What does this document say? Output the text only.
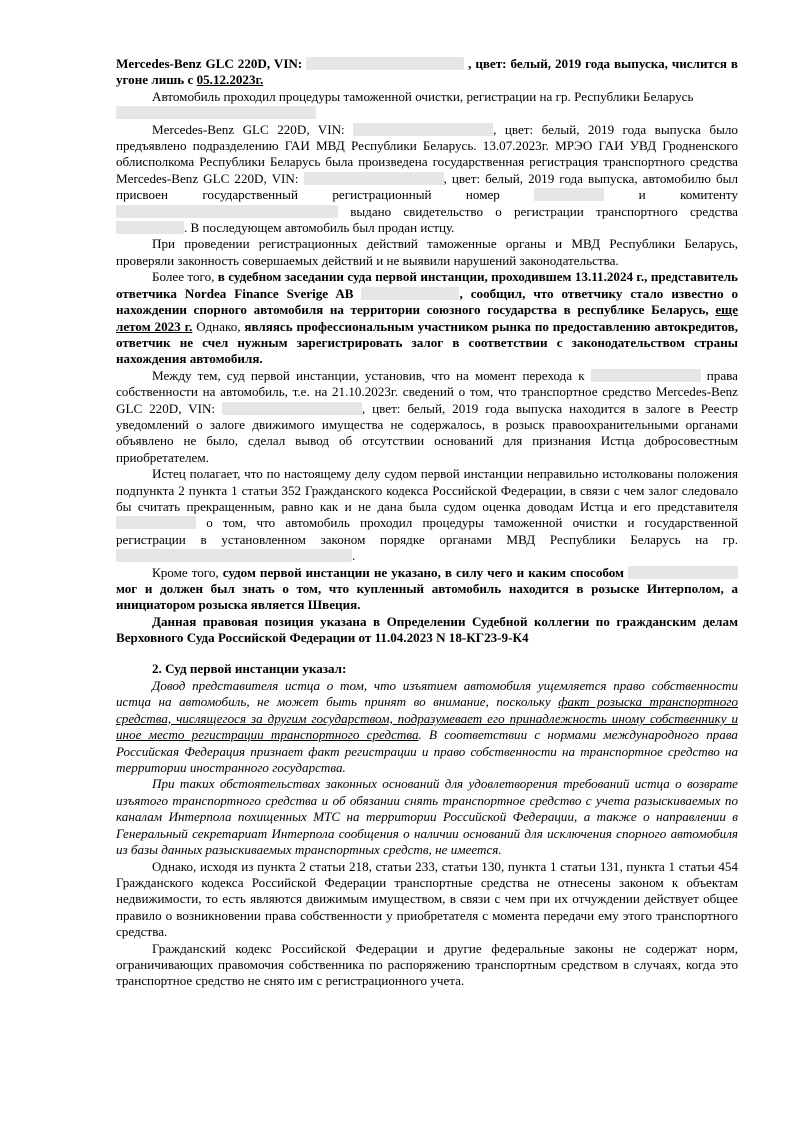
Mercedes-Benz GLC 220D, VIN:	, цвет: белый, 2019 года выпуска, числится в угоне лишь с 05.12.2023г.

Автомобиль проходил процедуры таможенной очистки, регистрации на гр. Республики Беларусь

Mercedes-Benz GLC 220D, VIN:	, цвет: белый, 2019 года выпуска было предъявлено подразделению ГАИ МВД Республики Беларусь. 13.07.2023г. МРЭО ГАИ УВД Гродненского облисполкома Республики Беларусь была произведена государственная регистрация транспортного средства Mercedes-Benz GLC 220D, VIN:	, цвет: белый, 2019 года выпуска, автомобилю был присвоен государственный регистрационный номер	и комитенту  выдано свидетельство о регистрации транспортного средства . В последующем автомобиль был продан истцу.

При проведении регистрационных действий таможенные органы и МВД Республики Беларусь, проверяли законность совершаемых действий и не выявили нарушений законодательства.

Более того, в судебном заседании суда первой инстанции, проходившем 13.11.2024 г., представитель ответчика Nordea Finance Sverige AB	, сообщил, что ответчику стало известно о нахождении спорного автомобиля на территории союзного государства в республике Беларусь, еще летом 2023 г. Однако, являясь профессиональным участником рынка по предоставлению автокредитов, ответчик не счел нужным зарегистрировать залог в соответствии с законодательством страны нахождения автомобиля.

Между тем, суд первой инстанции, установив, что на момент перехода к	права собственности на автомобиль, т.е. на 21.10.2023г. сведений о том, что транспортное средство Mercedes-Benz GLC 220D, VIN:	, цвет: белый, 2019 года выпуска находится в залоге в Реестр уведомлений о залоге движимого имущества не содержалось, в розыск правоохранительными органами объявлено не было, сделал вывод об отсутствии оснований для признания Истца добросовестным приобретателем.

Истец полагает, что по настоящему делу судом первой инстанции неправильно истолкованы положения подпункта 2 пункта 1 статьи 352 Гражданского кодекса Российской Федерации, в связи с чем залог следовало бы считать прекращенным, равно как и не дана была судом оценка доводам Истца и его представителя  о том, что автомобиль проходил процедуры таможенной очистки и государственной регистрации в установленном законом порядке органами МВД Республики Беларусь на гр. .

Кроме того, судом первой инстанции не указано, в силу чего и каким способом  мог и должен был знать о том, что купленный автомобиль находится в розыске Интерполом, а инициатором розыска является Швеция.

Данная правовая позиция указана в Определении Судебной коллегии по гражданским делам Верховного Суда Российской Федерации от 11.04.2023 N 18-КГ23-9-К4

2. Суд первой инстанции указал:

Довод представителя истца о том, что изъятием автомобиля ущемляется право собственности истца на автомобиль, не может быть принят во внимание, поскольку факт розыска транспортного средства, числящегося за другим государством, подразумевает его принадлежность иному собственнику и иное место регистрации транспортного средства. В соответствии с нормами международного права Российская Федерация признает факт регистрации и право собственности на транспортное средство на территории иностранного государства.

При таких обстоятельствах законных оснований для удовлетворения требований истца о возврате изъятого транспортного средства и об обязании снять транспортное средство с учета разыскиваемых по каналам Интерпола похищенных МТС на территории Российской Федерации, а также о направлении в Генеральный секретариат Интерпола сообщения о наличии оснований для исключения спорного автомобиля из базы данных разыскиваемых транспортных средств, не имеется.

Однако, исходя из пункта 2 статьи 218, статьи 233, статьи 130, пункта 1 статьи 131, пункта 1 статьи 454 Гражданского кодекса Российской Федерации транспортные средства не отнесены законом к объектам недвижимости, то есть являются движимым имуществом, в связи с чем при их отчуждении действует общее правило о возникновении права собственности у приобретателя с момента передачи ему этого транспортного средства.

Гражданский кодекс Российской Федерации и другие федеральные законы не содержат норм, ограничивающих правомочия собственника по распоряжению транспортным средством в случаях, когда это транспортное средство не снято им с регистрационного учета.
